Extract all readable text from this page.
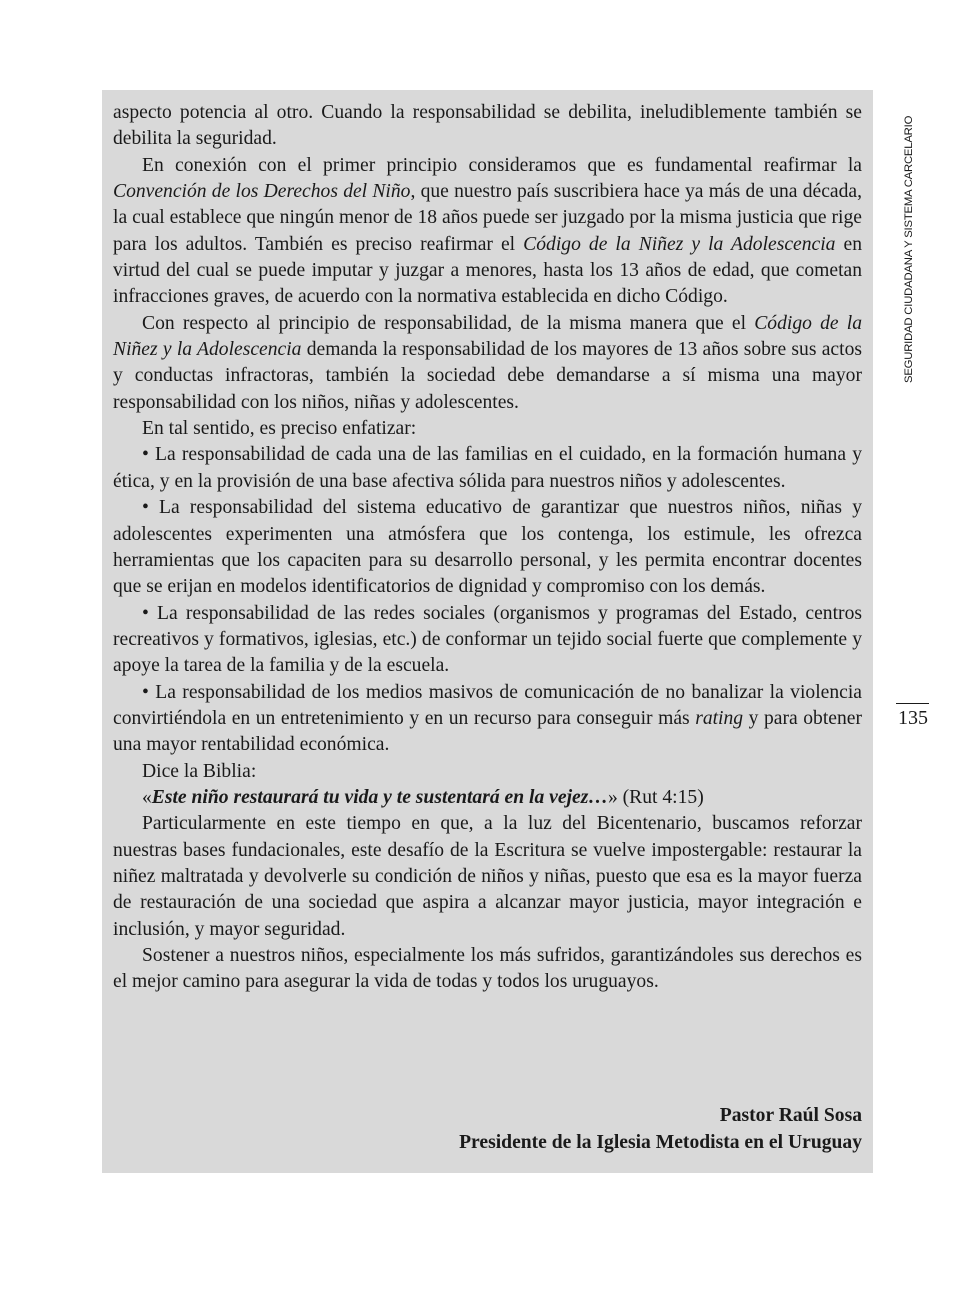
aspecto potencia al otro. Cuando la responsabilidad se debilita, ineludiblemente también se debilita la seguridad.

En conexión con el primer principio consideramos que es fundamental reafirmar la Convención de los Derechos del Niño, que nuestro país suscribiera hace ya más de una década, la cual establece que ningún menor de 18 años puede ser juzgado por la misma justicia que rige para los adultos. También es preciso reafirmar el Código de la Niñez y la Adolescencia en virtud del cual se puede imputar y juzgar a menores, hasta los 13 años de edad, que cometan infracciones graves, de acuerdo con la normativa establecida en dicho Código.

Con respecto al principio de responsabilidad, de la misma manera que el Código de la Niñez y la Adolescencia demanda la responsabilidad de los mayores de 13 años sobre sus actos y conductas infractoras, también la sociedad debe demandarse a sí misma una mayor responsabilidad con los niños, niñas y adolescentes.

En tal sentido, es preciso enfatizar:

• La responsabilidad de cada una de las familias en el cuidado, en la formación humana y ética, y en la provisión de una base afectiva sólida para nuestros niños y adolescentes.

• La responsabilidad del sistema educativo de garantizar que nuestros niños, niñas y adolescentes experimenten una atmósfera que los contenga, los estimule, les ofrezca herramientas que los capaciten para su desarrollo personal, y les permita encontrar docentes que se erijan en modelos identificatorios de dignidad y compromiso con los demás.

• La responsabilidad de las redes sociales (organismos y programas del Estado, centros recreativos y formativos, iglesias, etc.) de conformar un tejido social fuerte que complemente y apoye la tarea de la familia y de la escuela.

• La responsabilidad de los medios masivos de comunicación de no banalizar la violencia convirtiéndola en un entretenimiento y en un recurso para conseguir más rating y para obtener una mayor rentabilidad económica.

Dice la Biblia:

«Este niño restaurará tu vida y te sustentará en la vejez…» (Rut 4:15)

Particularmente en este tiempo en que, a la luz del Bicentenario, buscamos reforzar nuestras bases fundacionales, este desafío de la Escritura se vuelve impostergable: restaurar la niñez maltratada y devolverle su condición de niños y niñas, puesto que esa es la mayor fuerza de restauración de una sociedad que aspira a alcanzar mayor justicia, mayor integración e inclusión, y mayor seguridad.

Sostener a nuestros niños, especialmente los más sufridos, garantizándoles sus derechos es el mejor camino para asegurar la vida de todas y todos los uruguayos.

Pastor Raúl Sosa
Presidente de la Iglesia Metodista en el Uruguay
SEGURIDAD CIUDADANA Y SISTEMA CARCELARIO
135
